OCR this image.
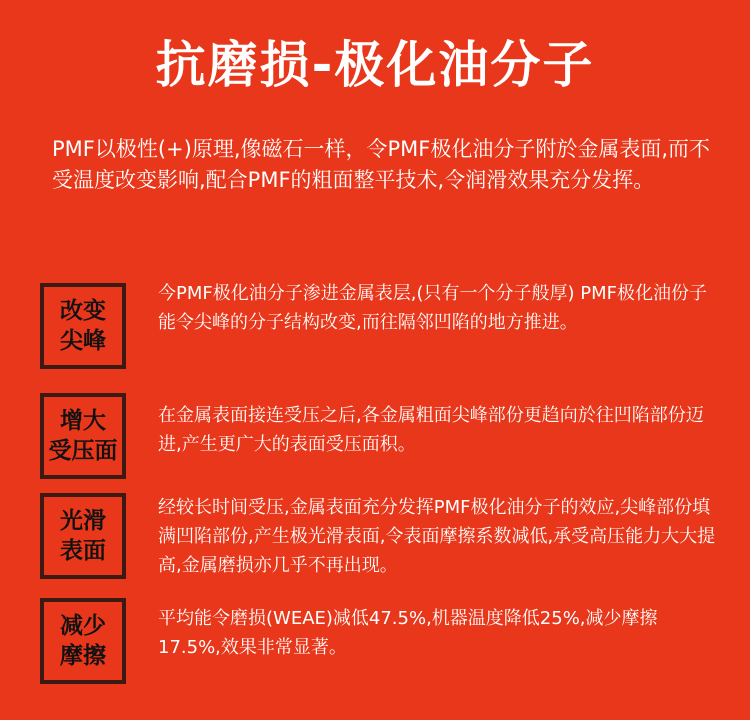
抗磨损-极化油分子
PMF以极性(+)原理,像磁石一样，令PMF极化油分子附於金属表面,而不受温度改变影响,配合PMF的粗面整平技术,令润滑效果充分发挥。
改变
尖峰
今PMF极化油分子渗进金属表层,(只有一个分子般厚) PMF极化油份子能令尖峰的分子结构改变,而往隔邻凹陷的地方推进。
增大
受压面
在金属表面接连受压之后,各金属粗面尖峰部份更趋向於往凹陷部份迈进,产生更广大的表面受压面积。
光滑
表面
经较长时间受压,金属表面充分发挥PMF极化油分子的效应,尖峰部份填满凹陷部份,产生极光滑表面,令表面摩擦系数减低,承受高压能力大大提高,金属磨损亦几乎不再出现。
减少
摩擦
平均能令磨损(WEAE)减低47.5%,机器温度降低25%,减少摩擦17.5%,效果非常显著。
